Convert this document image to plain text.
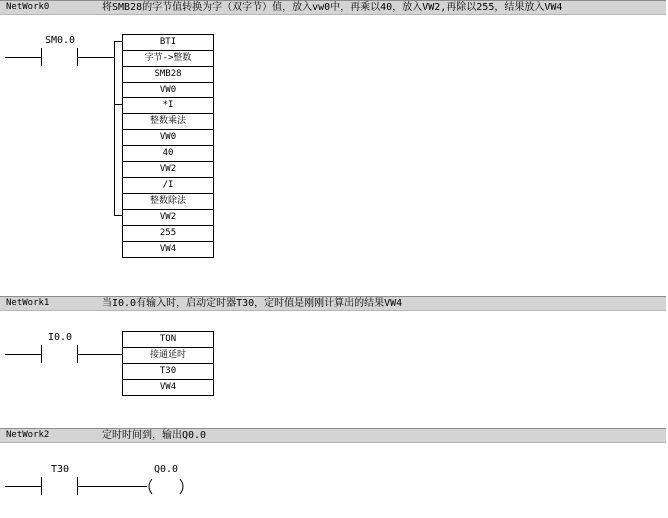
NetWork0	将SMB28的字节值转换为字（双字节）值，放入vw0中，再乘以40，放入VW2,再除以255，结果放入VW4
SM0.0	BTI
字节->整数
SMB28
VW0
*I
整数乘法
VW0
40
VW2
/I
整数除法
VW2
255
VW4
NetWork1	当I0.0有输入时，启动定时器T30，定时值是刚刚计算出的结果VW4
I0.0	TON
接通延时
T30
VW4
NetWork2	定时时间到，输出Q0.0
T30	Q0.0
